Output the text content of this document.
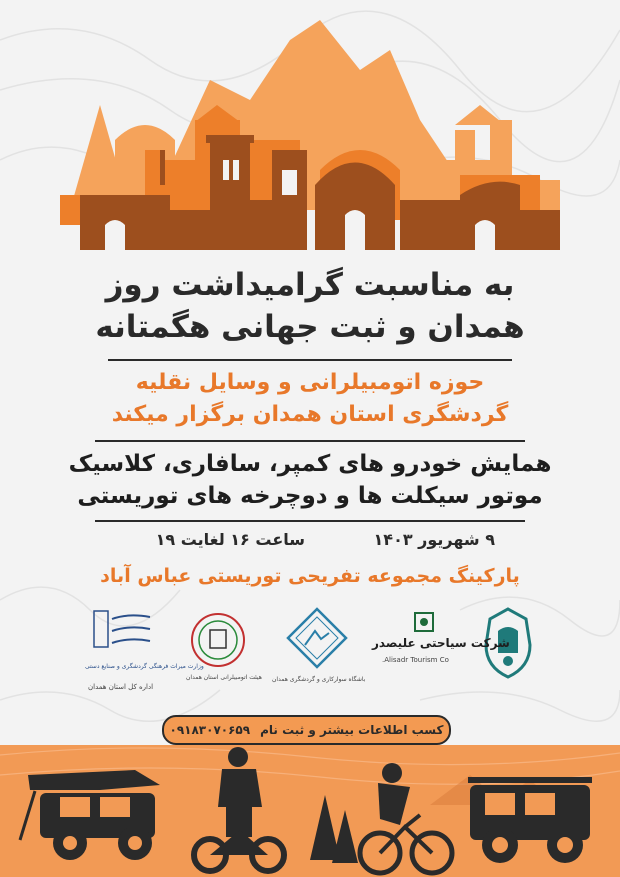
به مناسبت گرامیداشت روز
همدان و ثبت جهانی هگمتانه
حوزه اتومبیلرانی و وسایل نقلیه
گردشگری استان همدان برگزار میکند
همایش خودرو های کمپر، سافاری، کلاسیک
موتور سیکلت ها و دوچرخه های توریستی
۹ شهریور ۱۴۰۳
ساعت ۱۶ لغایت ۱۹
پارکینگ مجموعه تفریحی توریستی عباس آباد
شرکت سیاحتی علیصدر
Alisadr Tourism Co.
باشگاه سوارکاری و گردشگری همدان
هیئت اتومبیلرانی استان همدان
وزارت میراث فرهنگی گردشگری و صنایع دستی
اداره کل استان همدان
کسب اطلاعات بیشتر و ثبت نام
۰۹۱۸۳۰۷۰۶۵۹
